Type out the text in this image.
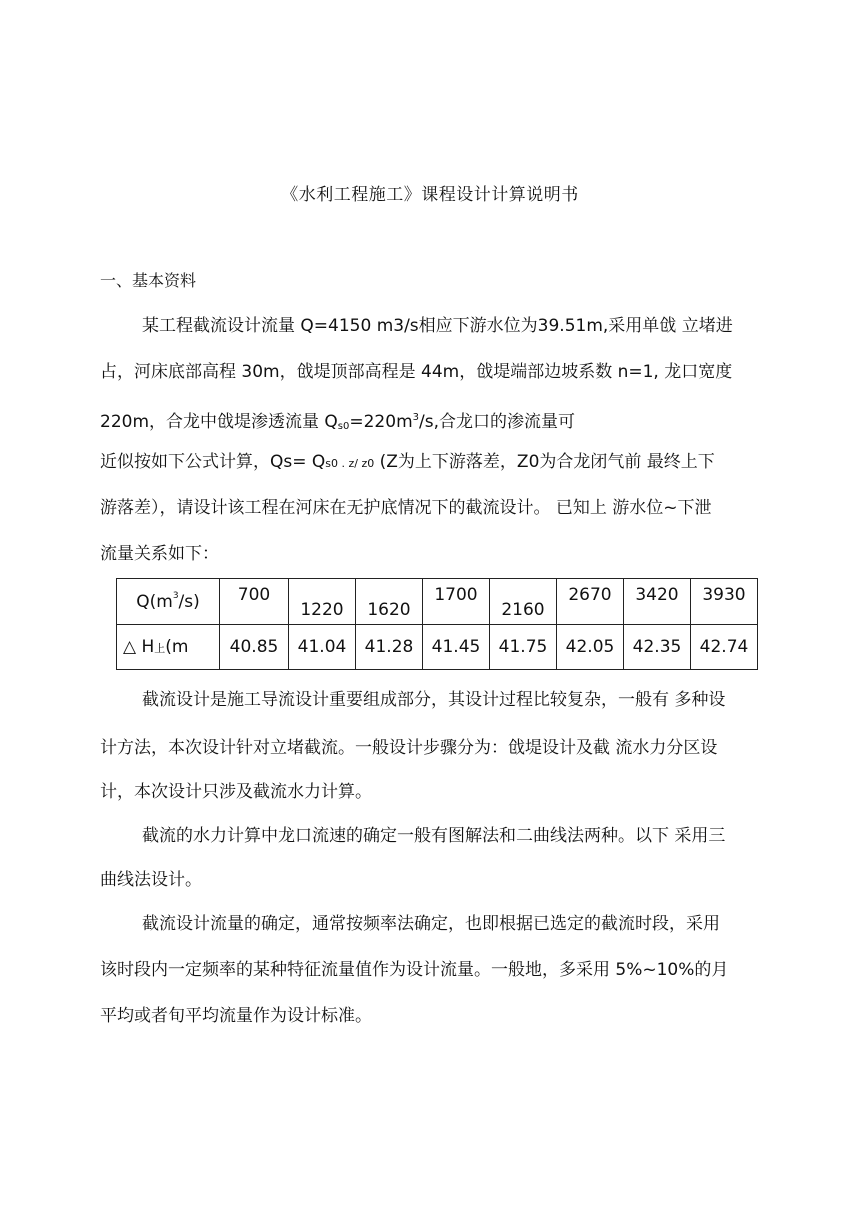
《水利工程施工》课程设计计算说明书
一、基本资料
某工程截流设计流量 Q=4150 m3/s相应下游水位为39.51m,采用单戗 立堵进
占，河床底部高程 30m，戗堤顶部高程是 44m，戗堤端部边坡系数 n=1, 龙口宽度
220m，合龙中戗堤渗透流量 $Q_{s0}=220m^3/s$,合龙口的渗流量可
近似按如下公式计算，Qs= Qs0 . z/ z0 (Z为上下游落差，Z0为合龙闭气前 最终上下
游落差），请设计该工程在河床在无护底情况下的截流设计。 已知上 游水位~下泄
流量关系如下：
$Q(m^3/s)$	700	1220	1620	1700	2160	2670	3420	3930

△ H上(m	40.85	41.04	41.28	41.45	41.75	42.05	42.35	42.74
截流设计是施工导流设计重要组成部分，其设计过程比较复杂，一般有 多种设
计方法，本次设计针对立堵截流。一般设计步骤分为：戗堤设计及截 流水力分区设
计，本次设计只涉及截流水力计算。
截流的水力计算中龙口流速的确定一般有图解法和二曲线法两种。以下 采用三
曲线法设计。
截流设计流量的确定，通常按频率法确定，也即根据已选定的截流时段，采用
该时段内一定频率的某种特征流量值作为设计流量。一般地，多采用 5%~10%的月
平均或者旬平均流量作为设计标准。
